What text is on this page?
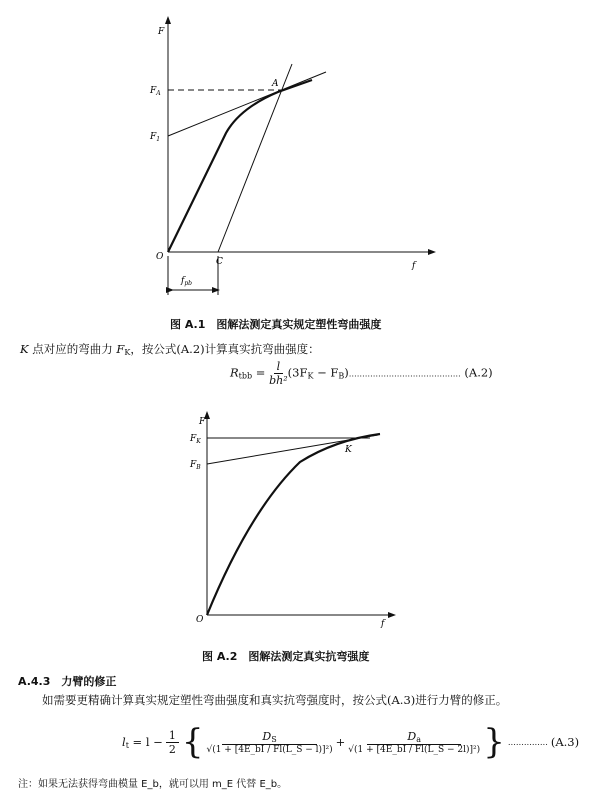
F
f
O
$F_A$
$F_1$
A
C
$f_{pb}$
图 A.1　图解法测定真实规定塑性弯曲强度
K 点对应的弯曲力 $F_K$，按公式(A.2)计算真实抗弯曲强度：
$R_{tbb} = \frac{l}{\text{bh²}} (3F_K$ − $F_B)\dots\dots\dots\dots\dots\dots\dots\dots\dots\dots\dots\dots\dots\dots$ (A.2)
F
f
O
$F_K$
$F_B$
K
图 A.2　图解法测定真实抗弯强度
A.4.3　 力臂的修正
如需要更精确计算真实规定塑性弯曲强度和真实抗弯强度时，按公式(A.3)进行力臂的修正。
$l_t = l - \frac{1}{2}$ { $\frac{D_S}{\text{√(1 + [4E\_bI / Fl(L\_S − l)]²)}} + \frac{D_a}{\text{√(1 + [4E\_bI / Fl(L\_S − 2l)]²)}}$ } …………… (A.3)
注：如果无法获得弯曲模量 E_b，就可以用 m_E 代替 E_b。
